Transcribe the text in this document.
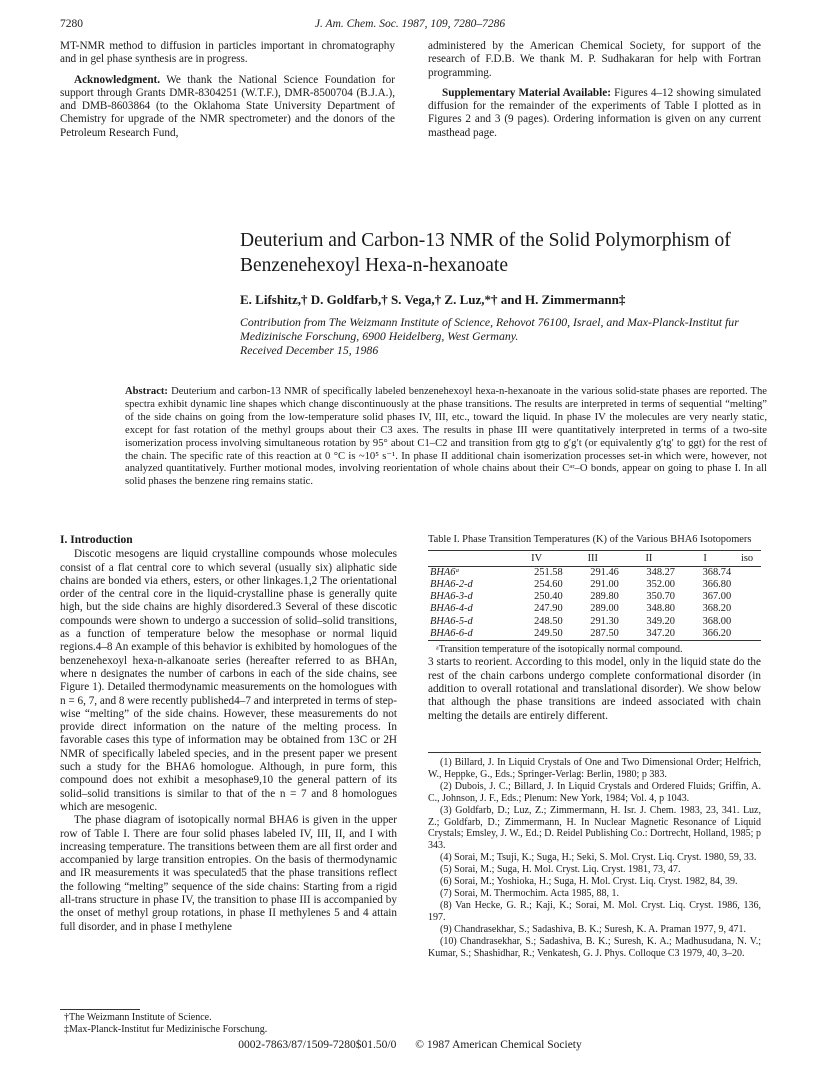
7280	J. Am. Chem. Soc. 1987, 109, 7280–7286

MT-NMR method to diffusion in particles important in chromatography and in gel phase synthesis are in progress.

Acknowledgment. We thank the National Science Foundation for support through Grants DMR-8304251 (W.T.F.), DMR-8500704 (B.J.A.), and DMB-8603864 (to the Oklahoma State University Department of Chemistry for upgrade of the NMR spectrometer) and the donors of the Petroleum Research Fund,

administered by the American Chemical Society, for support of the research of F.D.B. We thank M. P. Sudhakaran for help with Fortran programming.

Supplementary Material Available: Figures 4–12 showing simulated diffusion for the remainder of the experiments of Table I plotted as in Figures 2 and 3 (9 pages). Ordering information is given on any current masthead page.

Deuterium and Carbon-13 NMR of the Solid Polymorphism of Benzenehexoyl Hexa-n-hexanoate
E. Lifshitz,† D. Goldfarb,† S. Vega,† Z. Luz,*† and H. Zimmermann‡
Contribution from The Weizmann Institute of Science, Rehovot 76100, Israel, and Max-Planck-Institut fur Medizinische Forschung, 6900 Heidelberg, West Germany.
Received December 15, 1986
Abstract: Deuterium and carbon-13 NMR of specifically labeled benzenehexoyl hexa-n-hexanoate in the various solid-state phases are reported. The spectra exhibit dynamic line shapes which change discontinuously at the phase transitions. The results are interpreted in terms of sequential “melting” of the side chains on going from the low-temperature solid phases IV, III, etc., toward the liquid. In phase IV the molecules are very nearly static, except for fast rotation of the methyl groups about their C3 axes. The results in phase III were quantitatively interpreted in terms of a two-site isomerization process involving simultaneous rotation by 95° about C1–C2 and transition from gtg to g′g′t (or equivalently g′tg′ to ggt) for the rest of the chain. The specific rate of this reaction at 0 °C is ~10⁵ s⁻¹. In phase II additional chain isomerization processes set-in which were, however, not analyzed quantitatively. Further motional modes, involving reorientation of whole chains about their Cᵃʳ–O bonds, appear on going to phase I. In all solid phases the benzene ring remains static.
I. Introduction

Discotic mesogens are liquid crystalline compounds whose molecules consist of a flat central core to which several (usually six) aliphatic side chains are bonded via ethers, esters, or other linkages.1,2 The orientational order of the central core in the liquid-crystalline phase is generally quite high, but the side chains are highly disordered.3 Several of these discotic compounds were shown to undergo a succession of solid–solid transitions, as a function of temperature below the mesophase or normal liquid regions.4–8 An example of this behavior is exhibited by homologues of the benzenehexoyl hexa-n-alkanoate series (hereafter referred to as BHAn, where n designates the number of carbons in each of the side chains, see Figure 1). Detailed thermodynamic measurements on the homologues with n = 6, 7, and 8 were recently published4–7 and interpreted in terms of step-wise “melting” of the side chains. However, these measurements do not provide direct information on the nature of the melting process. In favorable cases this type of information may be obtained from 13C or 2H NMR of specifically labeled species, and in the present paper we present such a study for the BHA6 homologue. Although, in pure form, this compound does not exhibit a mesophase9,10 the general pattern of its solid–solid transitions is similar to that of the n = 7 and 8 homologues which are mesogenic.

The phase diagram of isotopically normal BHA6 is given in the upper row of Table I. There are four solid phases labeled IV, III, II, and I with increasing temperature. The transitions between them are all first order and accompanied by large transition entropies. On the basis of thermodynamic and IR measurements it was speculated5 that the phase transitions reflect the following “melting” sequence of the side chains: Starting from a rigid all-trans structure in phase IV, the transition to phase III is accompanied by the onset of methyl group rotations, in phase II methylenes 5 and 4 attain full disorder, and in phase I methylene

Table I. Phase Transition Temperatures (K) of the Various BHA6 Isotopomers
	IV	III	II	I	iso
BHA6ᵃ	251.58	291.46	348.27	368.74	
BHA6-2-d	254.60	291.00	352.00	366.80	
BHA6-3-d	250.40	289.80	350.70	367.00	
BHA6-4-d	247.90	289.00	348.80	368.20	
BHA6-5-d	248.50	291.30	349.20	368.00	
BHA6-6-d	249.50	287.50	347.20	366.20	
ᵃTransition temperature of the isotopically normal compound.

3 starts to reorient. According to this model, only in the liquid state do the rest of the chain carbons undergo complete conformational disorder (in addition to overall rotational and translational disorder). We show below that although the phase transitions are indeed associated with chain melting the details are entirely different.

(1) Billard, J. In Liquid Crystals of One and Two Dimensional Order; Helfrich, W., Heppke, G., Eds.; Springer-Verlag: Berlin, 1980; p 383.
(2) Dubois, J. C.; Billard, J. In Liquid Crystals and Ordered Fluids; Griffin, A. C., Johnson, J. F., Eds.; Plenum: New York, 1984; Vol. 4, p 1043.
(3) Goldfarb, D.; Luz, Z.; Zimmermann, H. Isr. J. Chem. 1983, 23, 341. Luz, Z.; Goldfarb, D.; Zimmermann, H. In Nuclear Magnetic Resonance of Liquid Crystals; Emsley, J. W., Ed.; D. Reidel Publishing Co.: Dortrecht, Holland, 1985; p 343.
(4) Sorai, M.; Tsuji, K.; Suga, H.; Seki, S. Mol. Cryst. Liq. Cryst. 1980, 59, 33.
(5) Sorai, M.; Suga, H. Mol. Cryst. Liq. Cryst. 1981, 73, 47.
(6) Sorai, M.; Yoshioka, H.; Suga, H. Mol. Cryst. Liq. Cryst. 1982, 84, 39.
(7) Sorai, M. Thermochim. Acta 1985, 88, 1.
(8) Van Hecke, G. R.; Kaji, K.; Sorai, M. Mol. Cryst. Liq. Cryst. 1986, 136, 197.
(9) Chandrasekhar, S.; Sadashiva, B. K.; Suresh, K. A. Praman 1977, 9, 471.
(10) Chandrasekhar, S.; Sadashiva, B. K.; Suresh, K. A.; Madhusudana, N. V.; Kumar, S.; Shashidhar, R.; Venkatesh, G. J. Phys. Colloque C3 1979, 40, 3–20.
†The Weizmann Institute of Science.
‡Max-Planck-Institut fur Medizinische Forschung.
0002-7863/87/1509-7280$01.50/0 © 1987 American Chemical Society
